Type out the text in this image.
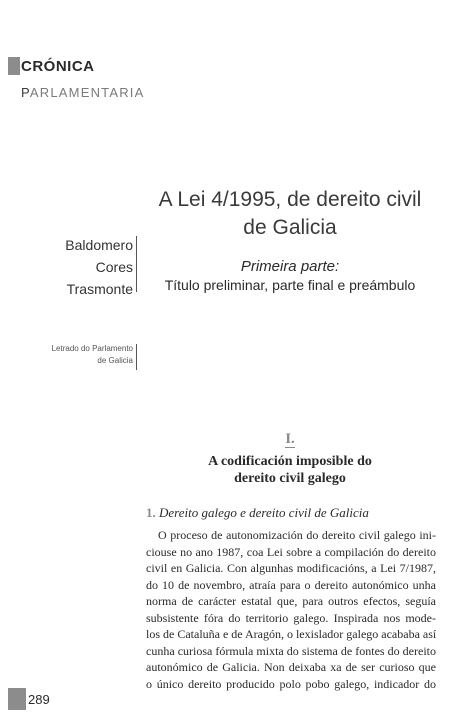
CRÓNICA
PARLAMENTARIA
A Lei 4/1995, de dereito civil
de Galicia
Primeira parte:
Título preliminar, parte final e preámbulo
Baldomero
Cores
Trasmonte
Letrado do Parlamento
de Galicia
I.
A codificación imposible do
dereito civil galego
1. Dereito galego e dereito civil de Galicia
O proceso de autonomización do dereito civil galego ini-
ciouse no ano 1987, coa Lei sobre a compilación do dereito
civil en Galicia. Con algunhas modificacións, a Lei 7/1987,
do 10 de novembro, atraía para o dereito autonómico unha
norma de carácter estatal que, para outros efectos, seguía
subsistente fóra do territorio galego. Inspirada nos mode-
los de Cataluña e de Aragón, o lexislador galego acababa así
cunha curiosa fórmula mixta do sistema de fontes do dereito
autonómico de Galicia. Non deixaba xa de ser curioso que
o único dereito producido polo pobo galego, indicador do
289
